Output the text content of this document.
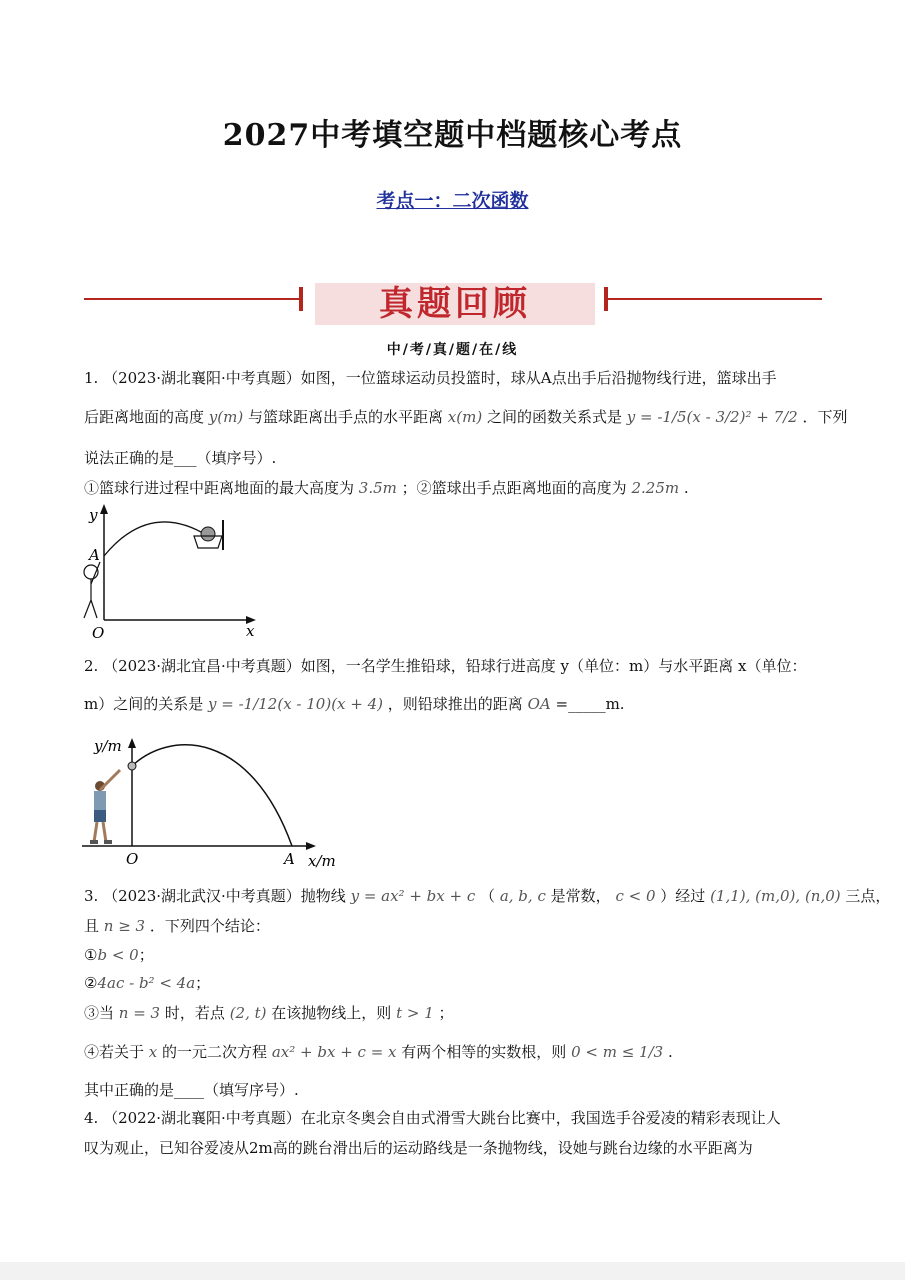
2027中考填空题中档题核心考点
考点一：二次函数
真题回顾
中/考/真/题/在/线
1. （2023·湖北襄阳·中考真题）如图，一位篮球运动员投篮时，球从A点出手后沿抛物线行进，篮球出手
后距离地面的高度 y(m) 与篮球距离出手点的水平距离 x(m) 之间的函数关系式是 y = -1/5(x - 3/2)² + 7/2 ．下列
说法正确的是___（填序号）.
①篮球行进过程中距离地面的最大高度为 3.5m ；②篮球出手点距离地面的高度为 2.25m .
y
x
O
A
2. （2023·湖北宜昌·中考真题）如图，一名学生推铅球，铅球行进高度 y（单位：m）与水平距离 x（单位：
m）之间的关系是 y = -1/12(x - 10)(x + 4) ，则铅球推出的距离 OA =_____m.
y/m
x/m
O	A
3. （2023·湖北武汉·中考真题）抛物线 y = ax² + bx + c （ a, b, c 是常数， c < 0 ）经过 (1,1), (m,0), (n,0) 三点，
且 n ≥ 3 ．下列四个结论：
①b < 0；
②4ac - b² < 4a；
③当 n = 3 时，若点 (2, t) 在该抛物线上，则 t > 1 ；
④若关于 x 的一元二次方程 ax² + bx + c = x 有两个相等的实数根，则 0 < m ≤ 1/3 .
其中正确的是____（填写序号）.
4. （2022·湖北襄阳·中考真题）在北京冬奥会自由式滑雪大跳台比赛中，我国选手谷爱凌的精彩表现让人
叹为观止，已知谷爱凌从2m高的跳台滑出后的运动路线是一条抛物线，设她与跳台边缘的水平距离为
